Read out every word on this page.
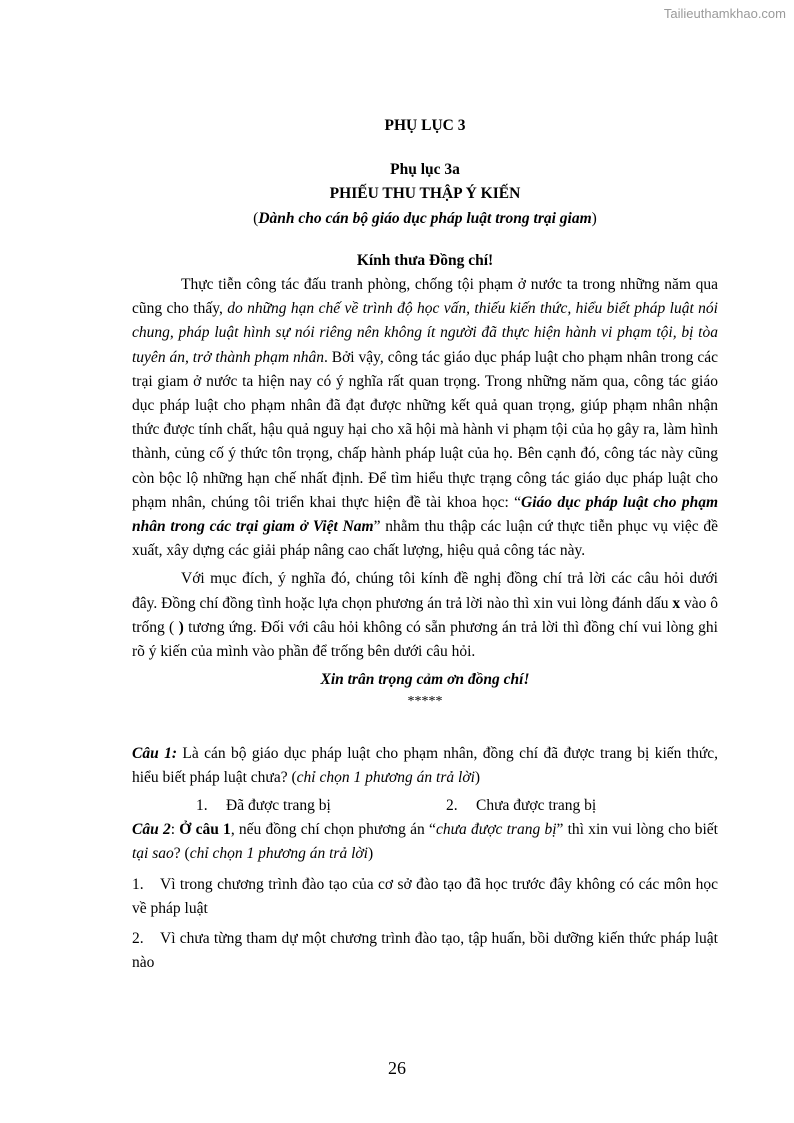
Tailieuthamkhao.com
PHỤ LỤC 3
Phụ lục 3a
PHIẾU THU THẬP Ý KIẾN
(Dành cho cán bộ giáo dục pháp luật trong trại giam)
Kính thưa Đồng chí!

Thực tiễn công tác đấu tranh phòng, chống tội phạm ở nước ta trong những năm qua cũng cho thấy, do những hạn chế về trình độ học vấn, thiếu kiến thức, hiểu biết pháp luật nói chung, pháp luật hình sự nói riêng nên không ít người đã thực hiện hành vi phạm tội, bị tòa tuyên án, trở thành phạm nhân. Bởi vậy, công tác giáo dục pháp luật cho phạm nhân trong các trại giam ở nước ta hiện nay có ý nghĩa rất quan trọng. Trong những năm qua, công tác giáo dục pháp luật cho phạm nhân đã đạt được những kết quả quan trọng, giúp phạm nhân nhận thức được tính chất, hậu quả nguy hại cho xã hội mà hành vi phạm tội của họ gây ra, làm hình thành, củng cố ý thức tôn trọng, chấp hành pháp luật của họ. Bên cạnh đó, công tác này cũng còn bộc lộ những hạn chế nhất định. Để tìm hiểu thực trạng công tác giáo dục pháp luật cho phạm nhân, chúng tôi triển khai thực hiện đề tài khoa học: “Giáo dục pháp luật cho phạm nhân trong các trại giam ở Việt Nam” nhằm thu thập các luận cứ thực tiễn phục vụ việc đề xuất, xây dựng các giải pháp nâng cao chất lượng, hiệu quả công tác này.

Với mục đích, ý nghĩa đó, chúng tôi kính đề nghị đồng chí trả lời các câu hỏi dưới đây. Đồng chí đồng tình hoặc lựa chọn phương án trả lời nào thì xin vui lòng đánh dấu x vào ô trống ( ) tương ứng. Đối với câu hỏi không có sẵn phương án trả lời thì đồng chí vui lòng ghi rõ ý kiến của mình vào phần để trống bên dưới câu hỏi.

Xin trân trọng cảm ơn đồng chí!
*****
Câu 1: Là cán bộ giáo dục pháp luật cho phạm nhân, đồng chí đã được trang bị kiến thức, hiểu biết pháp luật chưa? (chỉ chọn 1 phương án trả lời)
1. Đã được trang bị	2. Chưa được trang bị
Câu 2: Ở câu 1, nếu đồng chí chọn phương án “chưa được trang bị” thì xin vui lòng cho biết tại sao? (chỉ chọn 1 phương án trả lời)
1. Vì trong chương trình đào tạo của cơ sở đào tạo đã học trước đây không có các môn học về pháp luật
2. Vì chưa từng tham dự một chương trình đào tạo, tập huấn, bồi dưỡng kiến thức pháp luật nào
26
